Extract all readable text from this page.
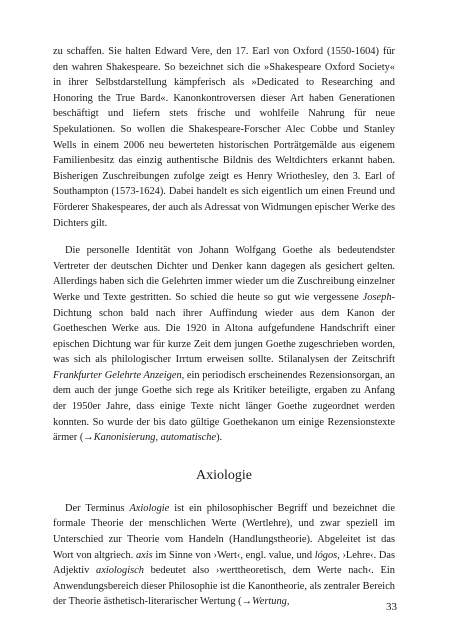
zu schaffen. Sie halten Edward Vere, den 17. Earl von Oxford (1550-1604) für den wahren Shakespeare. So bezeichnet sich die »Shakespeare Oxford Society« in ihrer Selbstdarstellung kämpferisch als »Dedicated to Researching and Honoring the True Bard«. Kanonkontroversen dieser Art haben Generationen beschäftigt und liefern stets frische und wohlfeile Nahrung für neue Spekulationen. So wollen die Shakespeare-Forscher Alec Cobbe und Stanley Wells in einem 2006 neu bewerteten historischen Porträtgemälde aus eigenem Familienbesitz das einzig authentische Bildnis des Weltdichters erkannt haben. Bisherigen Zuschreibungen zufolge zeigt es Henry Wriothesley, den 3. Earl of Southampton (1573-1624). Dabei handelt es sich eigentlich um einen Freund und Förderer Shakespeares, der auch als Adressat von Widmungen epischer Werke des Dichters gilt.

Die personelle Identität von Johann Wolfgang Goethe als bedeutendster Vertreter der deutschen Dichter und Denker kann dagegen als gesichert gelten. Allerdings haben sich die Gelehrten immer wieder um die Zuschreibung einzelner Werke und Texte gestritten. So schied die heute so gut wie vergessene Joseph-Dichtung schon bald nach ihrer Auffindung wieder aus dem Kanon der Goetheschen Werke aus. Die 1920 in Altona aufgefundene Handschrift einer epischen Dichtung war für kurze Zeit dem jungen Goethe zugeschrieben worden, was sich als philologischer Irrtum erweisen sollte. Stilanalysen der Zeitschrift Frankfurter Gelehrte Anzeigen, ein periodisch erscheinendes Rezensionsorgan, an dem auch der junge Goethe sich rege als Kritiker beteiligte, ergaben zu Anfang der 1950er Jahre, dass einige Texte nicht länger Goethe zugeordnet werden konnten. So wurde der bis dato gültige Goethekanon um einige Rezensionstexte ärmer (→Kanonisierung, automatische).

Axiologie

Der Terminus Axiologie ist ein philosophischer Begriff und bezeichnet die formale Theorie der menschlichen Werte (Wertlehre), und zwar speziell im Unterschied zur Theorie vom Handeln (Handlungstheorie). Abgeleitet ist das Wort von altgriech. axis im Sinne von ›Wert‹, engl. value, und lógos, ›Lehre‹. Das Adjektiv axiologisch bedeutet also ›werttheoretisch, dem Werte nach‹. Ein Anwendungsbereich dieser Philosophie ist die Kanontheorie, als zentraler Bereich der Theorie ästhetisch-literarischer Wertung (→Wertung,	33
